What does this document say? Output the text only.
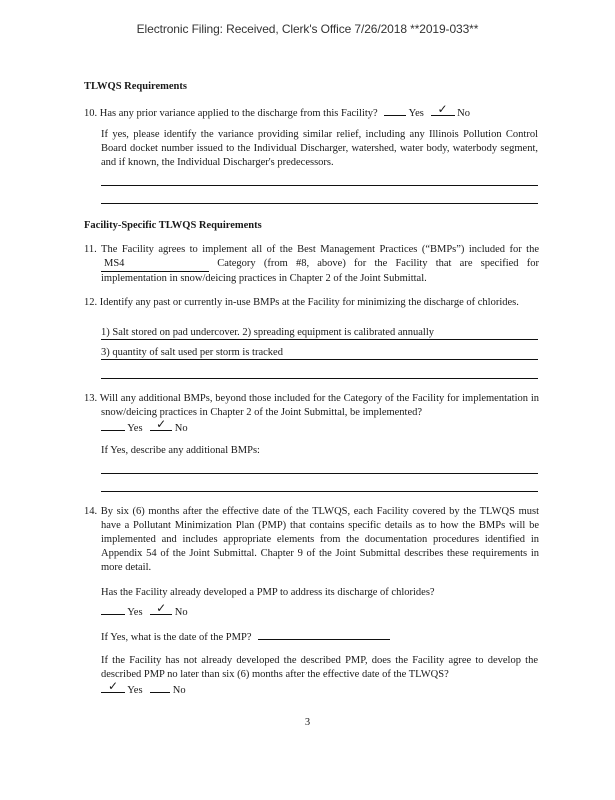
Electronic Filing: Received, Clerk's Office 7/26/2018 **2019-033**
TLWQS Requirements
10. Has any prior variance applied to the discharge from this Facility?	Yes ✓ No
If yes, please identify the variance providing similar relief, including any Illinois Pollution Control Board docket number issued to the Individual Discharger, watershed, water body, waterbody segment, and if known, the Individual Discharger's predecessors.
Facility-Specific TLWQS Requirements
11. The Facility agrees to implement all of the Best Management Practices (“BMPs”) included for the MS4	Category (from #8, above) for the Facility that are specified for implementation in snow/deicing practices in Chapter 2 of the Joint Submittal.
12. Identify any past or currently in-use BMPs at the Facility for minimizing the discharge of chlorides.
1) Salt stored on pad undercover. 2) spreading equipment is calibrated annually
3) quantity of salt used per storm is tracked
13. Will any additional BMPs, beyond those included for the Category of the Facility for implementation in snow/deicing practices in Chapter 2 of the Joint Submittal, be implemented?
Yes ✓ No
If Yes, describe any additional BMPs:
14. By six (6) months after the effective date of the TLWQS, each Facility covered by the TLWQS must have a Pollutant Minimization Plan (PMP) that contains specific details as to how the BMPs will be implemented and includes appropriate elements from the documentation procedures identified in Appendix 54 of the Joint Submittal. Chapter 9 of the Joint Submittal describes these requirements in more detail.
Has the Facility already developed a PMP to address its discharge of chlorides?
Yes ✓ No
If Yes, what is the date of the PMP?
If the Facility has not already developed the described PMP, does the Facility agree to develop the described PMP no later than six (6) months after the effective date of the TLWQS?
✓ Yes	No
3
